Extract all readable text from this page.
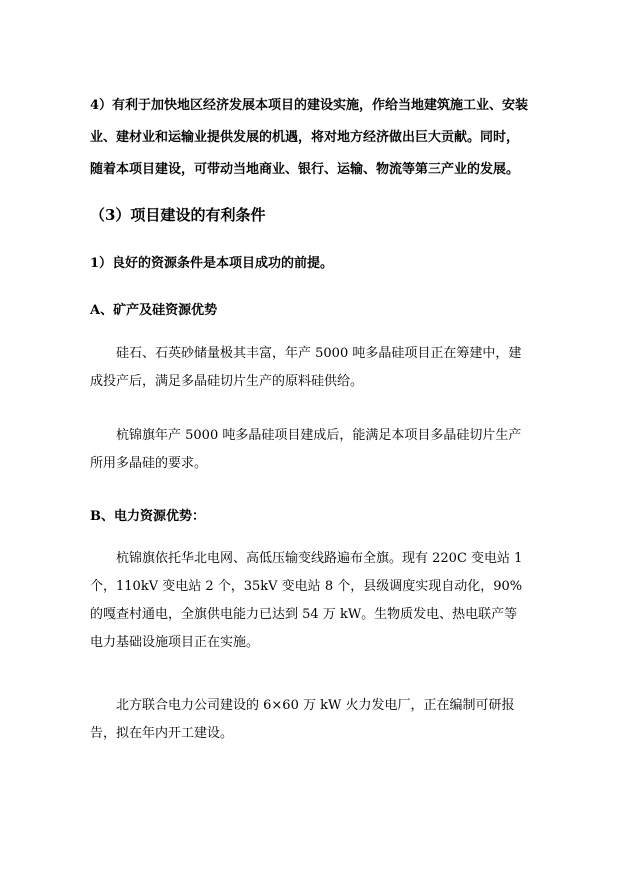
4）有利于加快地区经济发展本项目的建设实施，作给当地建筑施工业、安装业、建材业和运输业提供发展的机遇，将对地方经济做出巨大贡献。同时，随着本项目建设，可带动当地商业、银行、运输、物流等第三产业的发展。

（3）项目建设的有利条件

1）良好的资源条件是本项目成功的前提。

A、矿产及硅资源优势

硅石、石英砂储量极其丰富，年产 5000 吨多晶硅项目正在筹建中，建成投产后，满足多晶硅切片生产的原料硅供给。

杭锦旗年产 5000 吨多晶硅项目建成后，能满足本项目多晶硅切片生产所用多晶硅的要求。

B、电力资源优势：

杭锦旗依托华北电网、高低压输变线路遍布全旗。现有 220C 变电站 1 个，110kV 变电站 2 个，35kV 变电站 8 个，县级调度实现自动化，90%的嘎查村通电，全旗供电能力已达到 54 万 kW。生物质发电、热电联产等电力基础设施项目正在实施。

北方联合电力公司建设的 6×60 万 kW 火力发电厂，正在编制可研报告，拟在年内开工建设。
